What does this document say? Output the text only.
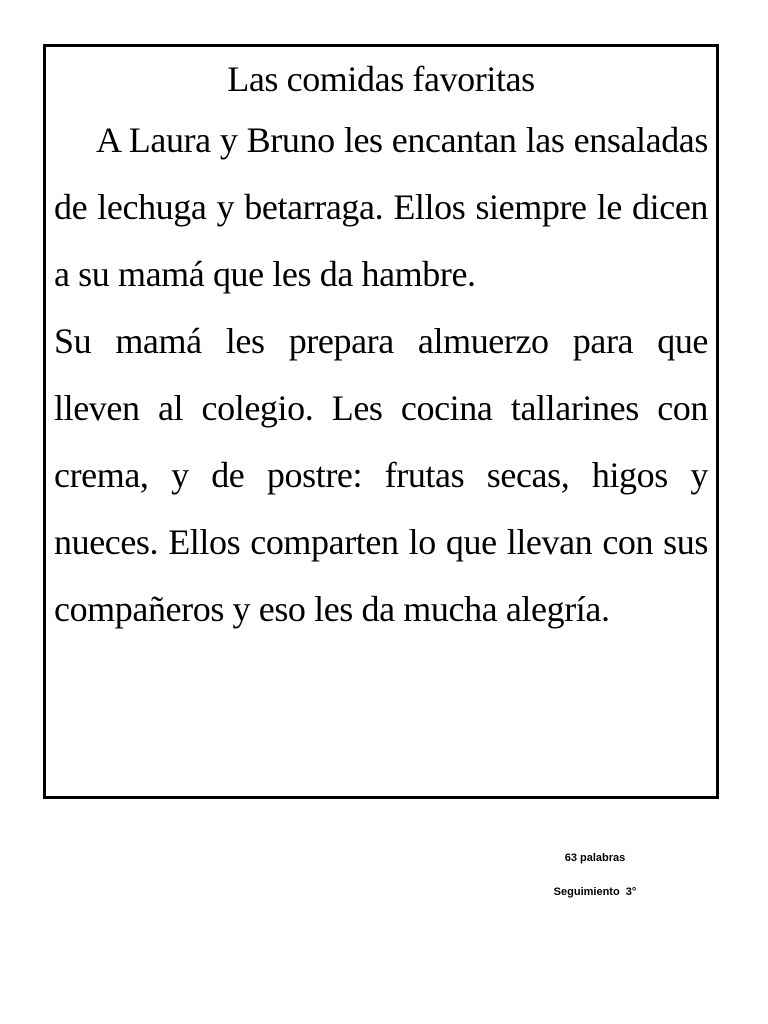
Las comidas favoritas

A Laura y Bruno les encantan las ensaladas de lechuga y betarraga. Ellos siempre le dicen a su mamá que les da hambre.

Su mamá les prepara almuerzo para que lleven al colegio. Les cocina tallarines con crema, y de postre: frutas secas, higos y nueces. Ellos comparten lo que llevan con sus compañeros y eso les da mucha alegría.

63 palabras
Seguimiento  3°
